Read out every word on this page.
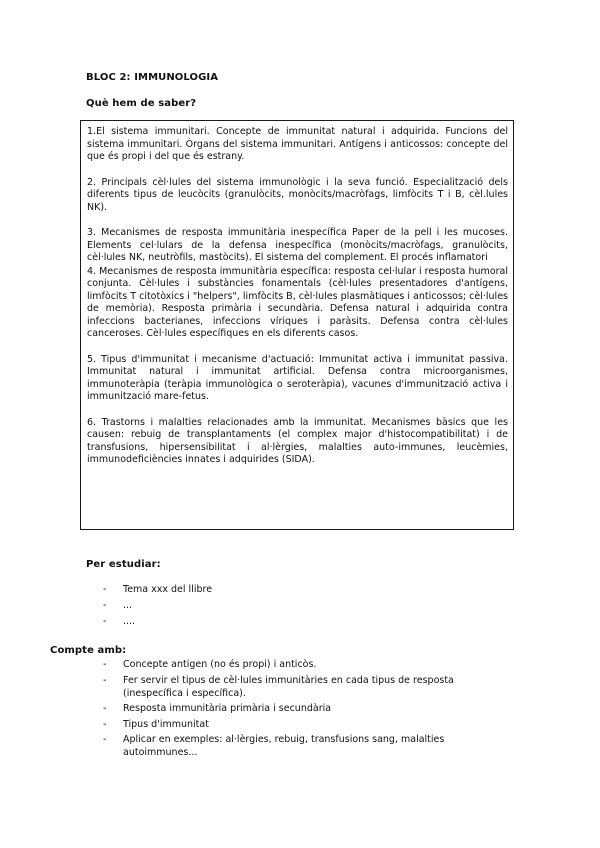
BLOC 2: IMMUNOLOGIA
Què hem de saber?

1.El sistema immunitari. Concepte de immunitat natural i adquirida. Funcions del sistema immunitari. Òrgans del sistema immunitari. Antígens i anticossos: concepte del que és propi i del que és estrany.

2. Principals cèl·lules del sistema immunològic i la seva funció. Especialització dels diferents tipus de leucòcits (granulòcits, monòcits/macròfags, limfòcits T i B, cèl.lules NK).

3. Mecanismes de resposta immunitària inespecífica Paper de la pell i les mucoses. Elements cel·lulars de la defensa inespecífica (monòcits/macròfags, granulòcits, cèl·lules NK, neutròfils, mastòcits). El sistema del complement. El procés inflamatori

4. Mecanismes de resposta immunitària específica: resposta cel·lular i resposta humoral conjunta. Cèl·lules i substàncies fonamentals (cèl·lules presentadores d'antígens, limfòcits T citotòxics i "helpers", limfòcits B, cèl·lules plasmàtiques i anticossos; cèl·lules de memòria). Resposta primària i secundària. Defensa natural i adquirida contra infeccions bacterianes, infeccions víriques i paràsits. Defensa contra cèl·lules canceroses. Cèl·lules específiques en els diferents casos.

5. Tipus d'immunitat i mecanisme d'actuació: Immunitat activa i immunitat passiva. Immunitat natural i immunitat artificial. Defensa contra microorganismes, immunoteràpia (teràpia immunològica o seroteràpia), vacunes d'immunització activa i immunització mare-fetus.

6. Trastorns i malalties relacionades amb la immunitat. Mecanismes bàsics que les causen: rebuig de transplantaments (el complex major d'histocompatibilitat) i de transfusions, hipersensibilitat i al·lèrgies, malalties auto-immunes, leucèmies, immunodeficiències innates i adquirides (SIDA).

Per estudiar:
- Tema xxx del llibre
- ...
- ....
Compte amb:
- Concepte antigen (no és propi) i anticòs.
- Fer servir el tipus de cèl·lules immunitàries en cada tipus de resposta (inespecífica i específica).
- Resposta immunitària primària i secundària
- Tipus d'immunitat
- Aplicar en exemples: al·lèrgies, rebuig, transfusions sang, malalties autoimmunes...
